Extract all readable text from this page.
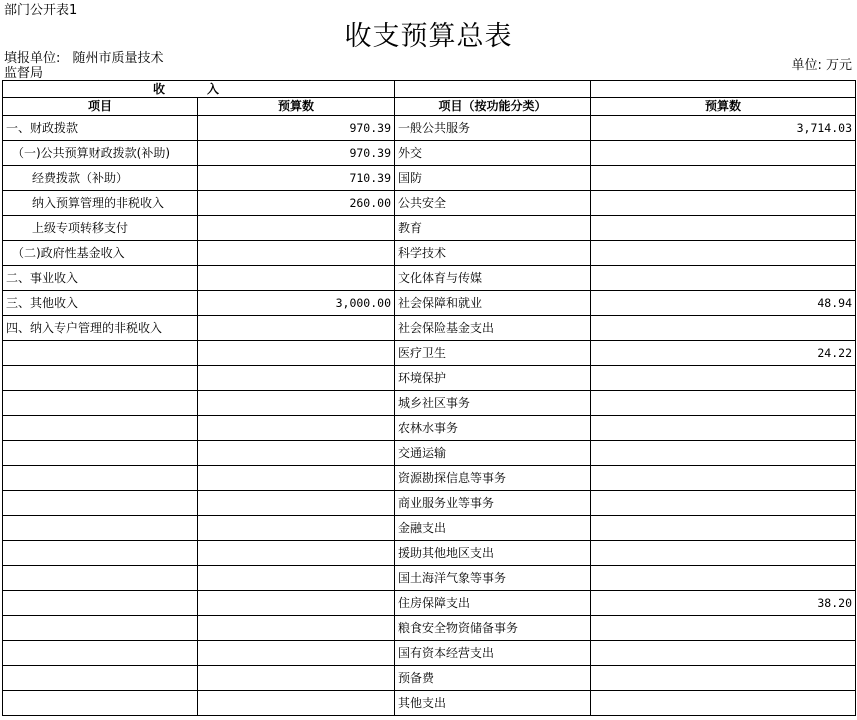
部门公开表1
收支预算总表
填报单位: 随州市质量技术
监督局
单位: 万元
收 入			
项目	预算数	项目（按功能分类）	预算数
一、财政拨款	970.39	一般公共服务	3,714.03
（一)公共预算财政拨款(补助)	970.39	外交	
经费拨款（补助）	710.39	国防	
纳入预算管理的非税收入	260.00	公共安全	
上级专项转移支付		教育	
（二)政府性基金收入		科学技术	
二、事业收入		文化体育与传媒	
三、其他收入	3,000.00	社会保障和就业	48.94
四、纳入专户管理的非税收入		社会保险基金支出	
		医疗卫生	24.22
		环境保护	
		城乡社区事务	
		农林水事务	
		交通运输	
		资源勘探信息等事务	
		商业服务业等事务	
		金融支出	
		援助其他地区支出	
		国土海洋气象等事务	
		住房保障支出	38.20
		粮食安全物资储备事务	
		国有资本经营支出	
		预备费	
		其他支出	
